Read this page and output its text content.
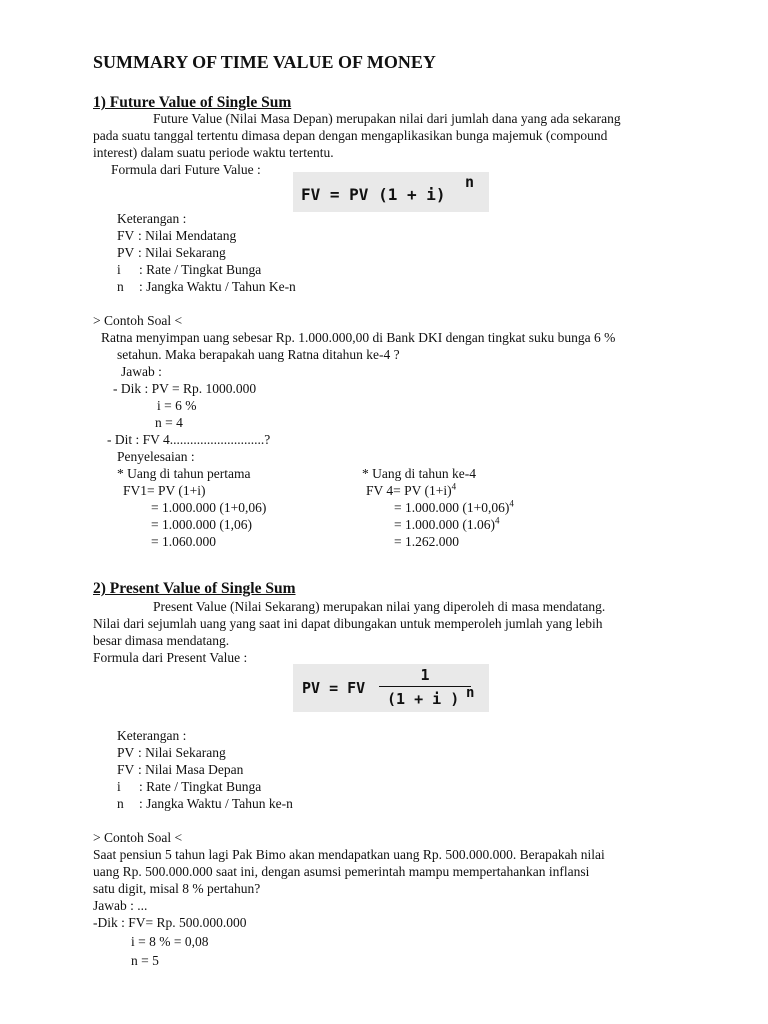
SUMMARY OF TIME VALUE OF MONEY
1) Future Value of Single Sum
Future Value (Nilai Masa Depan) merupakan nilai dari jumlah dana yang ada sekarang
pada suatu tanggal tertentu dimasa depan dengan mengaplikasikan bunga majemuk (compound
interest) dalam suatu periode waktu tertentu.
Formula dari Future Value :
FV = PV (1 + i)
n
Keterangan :
FV : Nilai Mendatang
PV : Nilai Sekarang
i : Rate / Tingkat Bunga
n : Jangka Waktu / Tahun Ke-n
> Contoh Soal <
Ratna menyimpan uang sebesar Rp. 1.000.000,00 di Bank DKI dengan tingkat suku bunga 6 %
setahun. Maka berapakah uang Ratna ditahun ke-4 ?
Jawab :
- Dik : PV = Rp. 1000.000
i = 6 %
n = 4
- Dit : FV 4............................?
Penyelesaian :
* Uang di tahun pertama
FV1= PV (1+i)
= 1.000.000 (1+0,06)
= 1.000.000 (1,06)
= 1.060.000
* Uang di tahun ke-4
FV 4= PV $(1+i)^4$
= 1.000.000 $(1+0,06)^4$
= 1.000.000 $(1.06)^4$
= 1.262.000
2) Present Value of Single Sum
Present Value (Nilai Sekarang) merupakan nilai yang diperoleh di masa mendatang.
Nilai dari sejumlah uang yang saat ini dapat dibungakan untuk memperoleh jumlah yang lebih
besar dimasa mendatang.
Formula dari Present Value :
PV = FV
1
(1 + i ) n
Keterangan :
PV : Nilai Sekarang
FV : Nilai Masa Depan
i : Rate / Tingkat Bunga
n : Jangka Waktu / Tahun ke-n
> Contoh Soal <
Saat pensiun 5 tahun lagi Pak Bimo akan mendapatkan uang Rp. 500.000.000. Berapakah nilai
uang Rp. 500.000.000 saat ini, dengan asumsi pemerintah mampu mempertahankan inflansi
satu digit, misal 8 % pertahun?
Jawab : ...
-Dik : FV= Rp. 500.000.000
i = 8 % = 0,08
n = 5
